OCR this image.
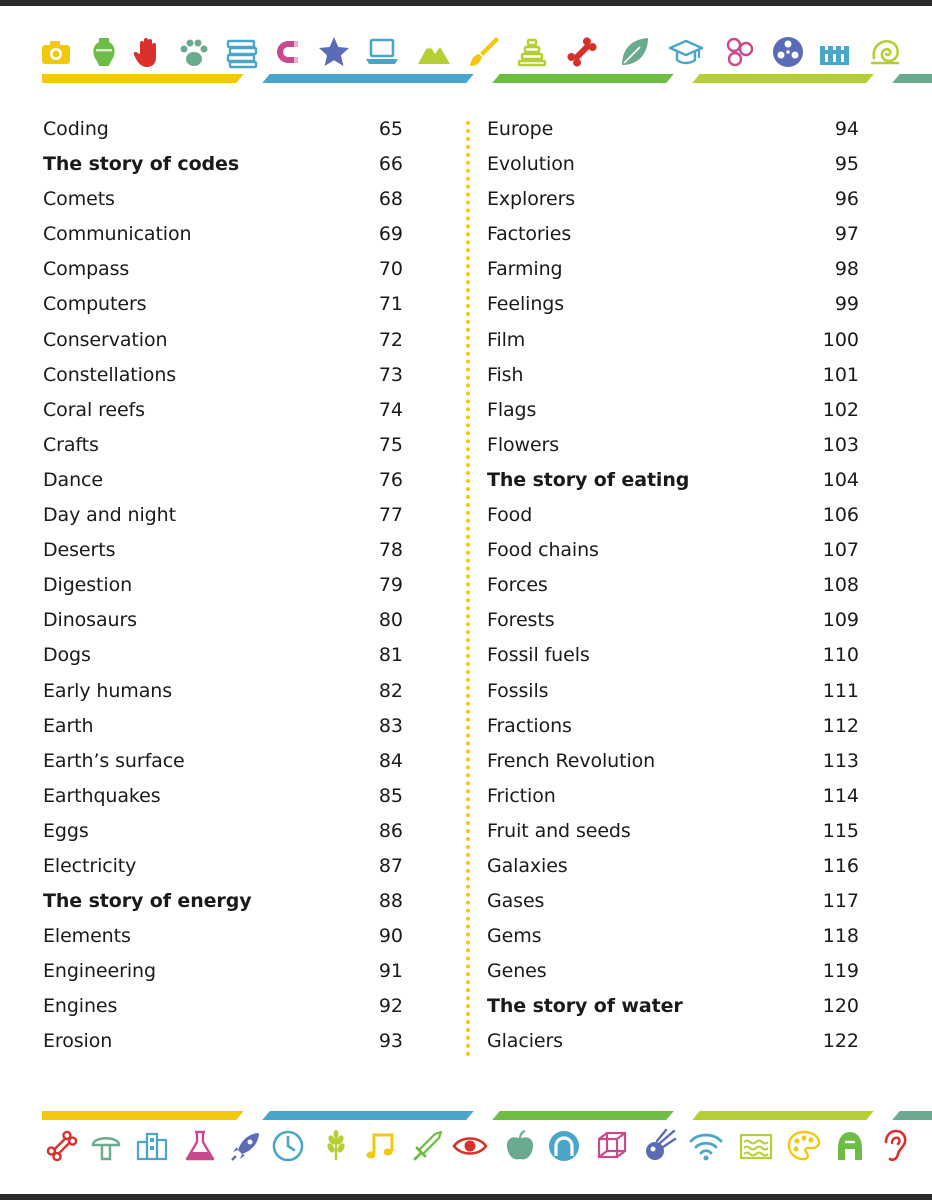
Coding	65
The story of codes	66
Comets	68
Communication	69
Compass	70
Computers	71
Conservation	72
Constellations	73
Coral reefs	74
Crafts	75
Dance	76
Day and night	77
Deserts	78
Digestion	79
Dinosaurs	80
Dogs	81
Early humans	82
Earth	83
Earth’s surface	84
Earthquakes	85
Eggs	86
Electricity	87
The story of energy	88
Elements	90
Engineering	91
Engines	92
Erosion	93
Europe	94
Evolution	95
Explorers	96
Factories	97
Farming	98
Feelings	99
Film	100
Fish	101
Flags	102
Flowers	103
The story of eating	104
Food	106
Food chains	107
Forces	108
Forests	109
Fossil fuels	110
Fossils	111
Fractions	112
French Revolution	113
Friction	114
Fruit and seeds	115
Galaxies	116
Gases	117
Gems	118
Genes	119
The story of water	120
Glaciers	122
